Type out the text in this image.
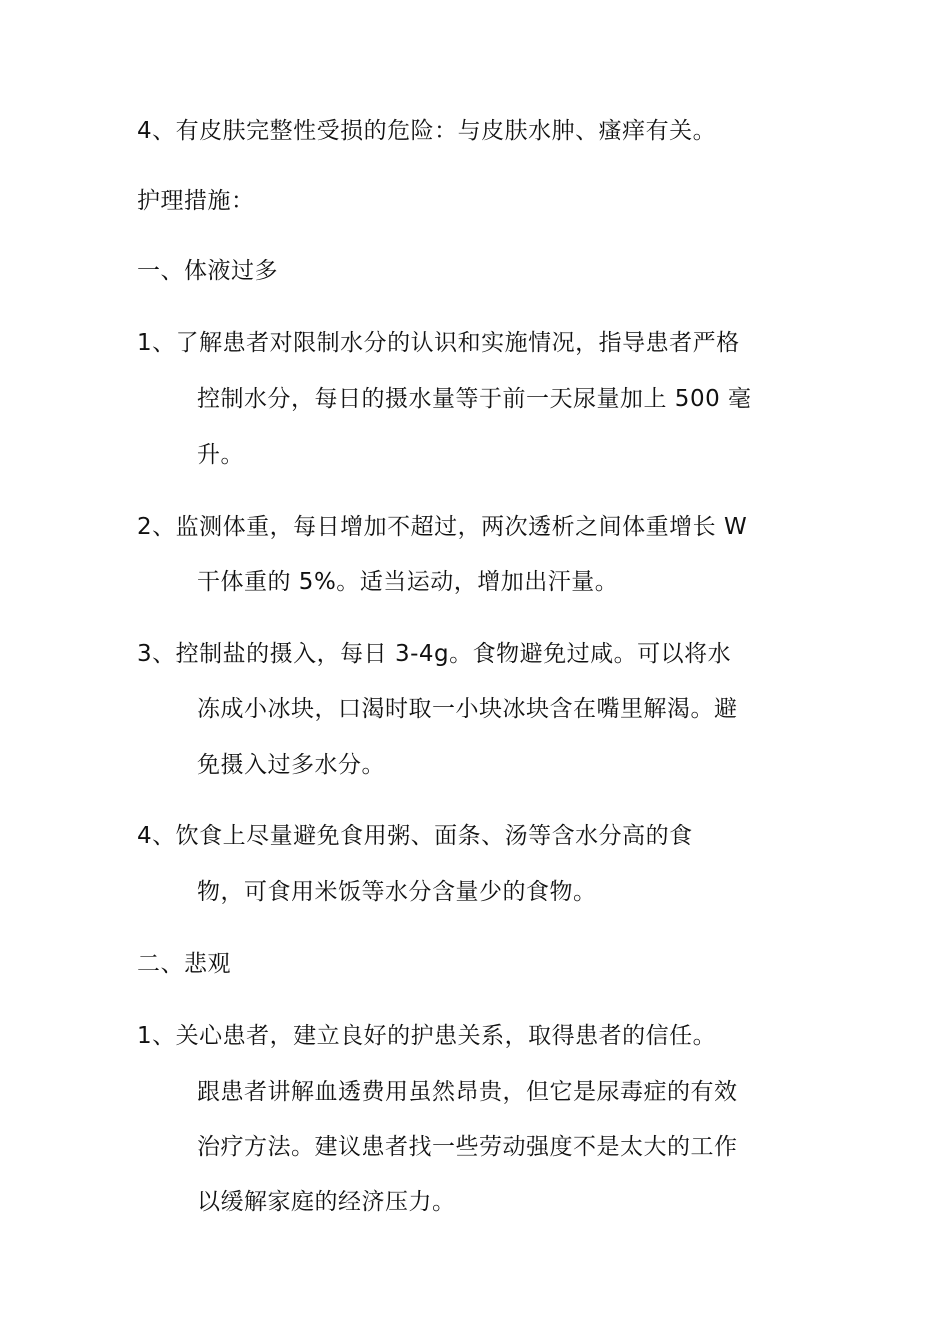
4、有皮肤完整性受损的危险：与皮肤水肿、瘙痒有关。
护理措施：
一、体液过多
1、了解患者对限制水分的认识和实施情况，指导患者严格
控制水分，每日的摄水量等于前一天尿量加上 500 毫
升。
2、监测体重，每日增加不超过，两次透析之间体重增长 W
干体重的 5%。适当运动，增加出汗量。
3、控制盐的摄入，每日 3-4g。食物避免过咸。可以将水
冻成小冰块，口渴时取一小块冰块含在嘴里解渴。避
免摄入过多水分。
4、饮食上尽量避免食用粥、面条、汤等含水分高的食
物，可食用米饭等水分含量少的食物。
二、悲观
1、关心患者，建立良好的护患关系，取得患者的信任。
跟患者讲解血透费用虽然昂贵，但它是尿毒症的有效
治疗方法。建议患者找一些劳动强度不是太大的工作
以缓解家庭的经济压力。
